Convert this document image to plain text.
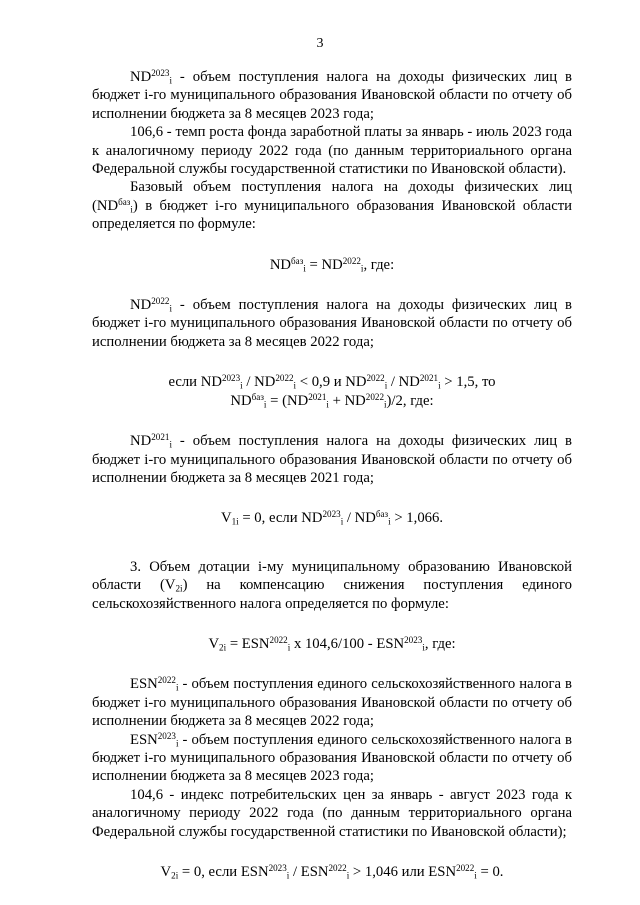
3

$ND^{2023}_i$ - объем поступления налога на доходы физических лиц в бюджет i-го муниципального образования Ивановской области по отчету об исполнении бюджета за 8 месяцев 2023 года;

106,6 - темп роста фонда заработной платы за январь - июль 2023 года к аналогичному периоду 2022 года (по данным территориального органа Федеральной службы государственной статистики по Ивановской области).

Базовый объем поступления налога на доходы физических лиц $(ND^{баз}_i)$ в бюджет i-го муниципального образования Ивановской области определяется по формуле:

$ND^{баз}_i = ND^{2022}_i$, где:

$ND^{2022}_i$ - объем поступления налога на доходы физических лиц в бюджет i-го муниципального образования Ивановской области по отчету об исполнении бюджета за 8 месяцев 2022 года;

если $ND^{2023}_i / ND^{2022}_i < 0,9$ и $ND^{2022}_i / ND^{2021}_i > 1,5$, то
$ND^{баз}_i = (ND^{2021}_i + ND^{2022}_i)/2$, где:

$ND^{2021}_i$ - объем поступления налога на доходы физических лиц в бюджет i-го муниципального образования Ивановской области по отчету об исполнении бюджета за 8 месяцев 2021 года;

$V_{1i} = 0$, если $ND^{2023}_i / ND^{баз}_i > 1,066$.

3. Объем дотации i-му муниципальному образованию Ивановской области $(V_{2i})$ на компенсацию снижения поступления единого сельскохозяйственного налога определяется по формуле:

$V_{2i} = ESN^{2022}_i$ x $104,6/100 - ESN^{2023}_i$, где:

$ESN^{2022}_i$ - объем поступления единого сельскохозяйственного налога в бюджет i-го муниципального образования Ивановской области по отчету об исполнении бюджета за 8 месяцев 2022 года;

$ESN^{2023}_i$ - объем поступления единого сельскохозяйственного налога в бюджет i-го муниципального образования Ивановской области по отчету об исполнении бюджета за 8 месяцев 2023 года;

104,6 - индекс потребительских цен за январь - август 2023 года к аналогичному периоду 2022 года (по данным территориального органа Федеральной службы государственной статистики по Ивановской области);

$V_{2i} = 0$, если $ESN^{2023}_i / ESN^{2022}_i > 1,046$ или $ESN^{2022}_i = 0$.
